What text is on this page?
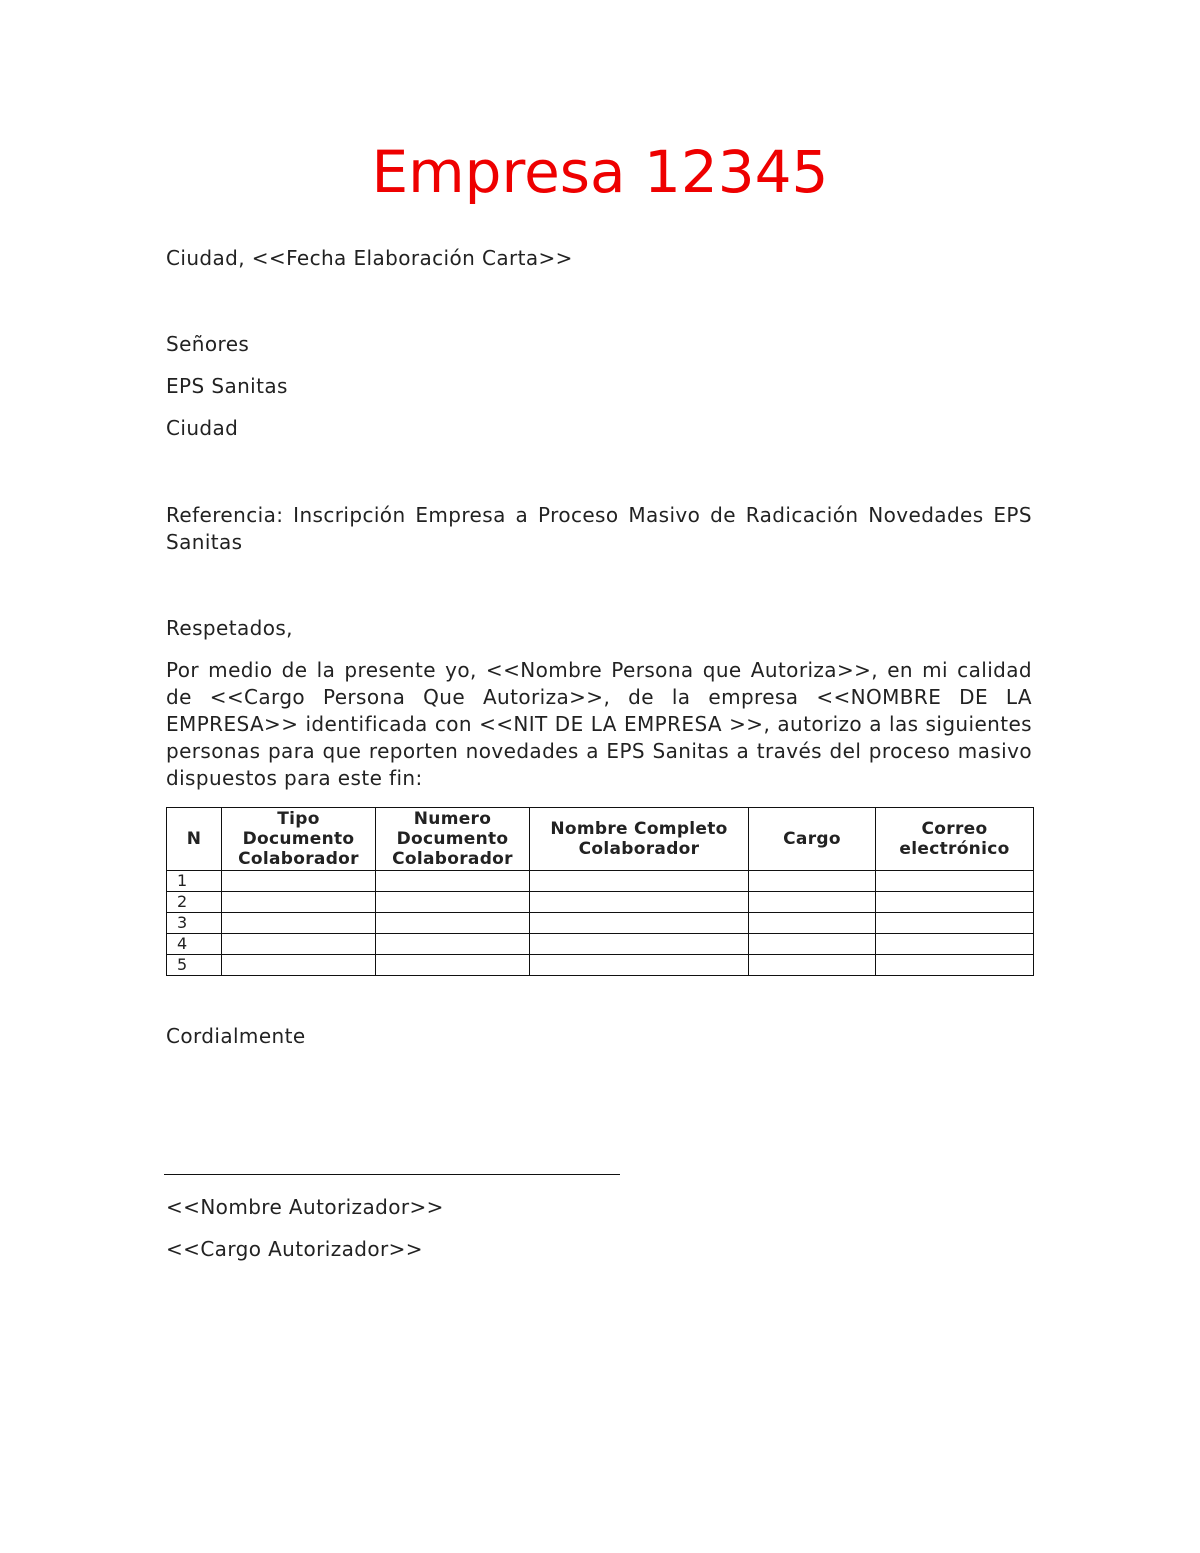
Empresa 12345
Ciudad, <<Fecha Elaboración Carta>>
Señores
EPS Sanitas
Ciudad
Referencia: Inscripción Empresa a Proceso Masivo de Radicación Novedades EPS Sanitas
Respetados,
Por medio de la presente yo, <<Nombre Persona que Autoriza>>, en mi calidad de <<Cargo Persona Que Autoriza>>, de la empresa <<NOMBRE DE LA EMPRESA>> identificada con <<NIT DE LA EMPRESA >>, autorizo a las siguientes personas para que reporten novedades a EPS Sanitas a través del proceso masivo dispuestos para este fin:
N	Tipo Documento Colaborador	Numero Documento Colaborador	Nombre Completo Colaborador	Cargo	Correo electrónico
1					
2					
3					
4					
5					
Cordialmente
<<Nombre Autorizador>>
<<Cargo Autorizador>>
